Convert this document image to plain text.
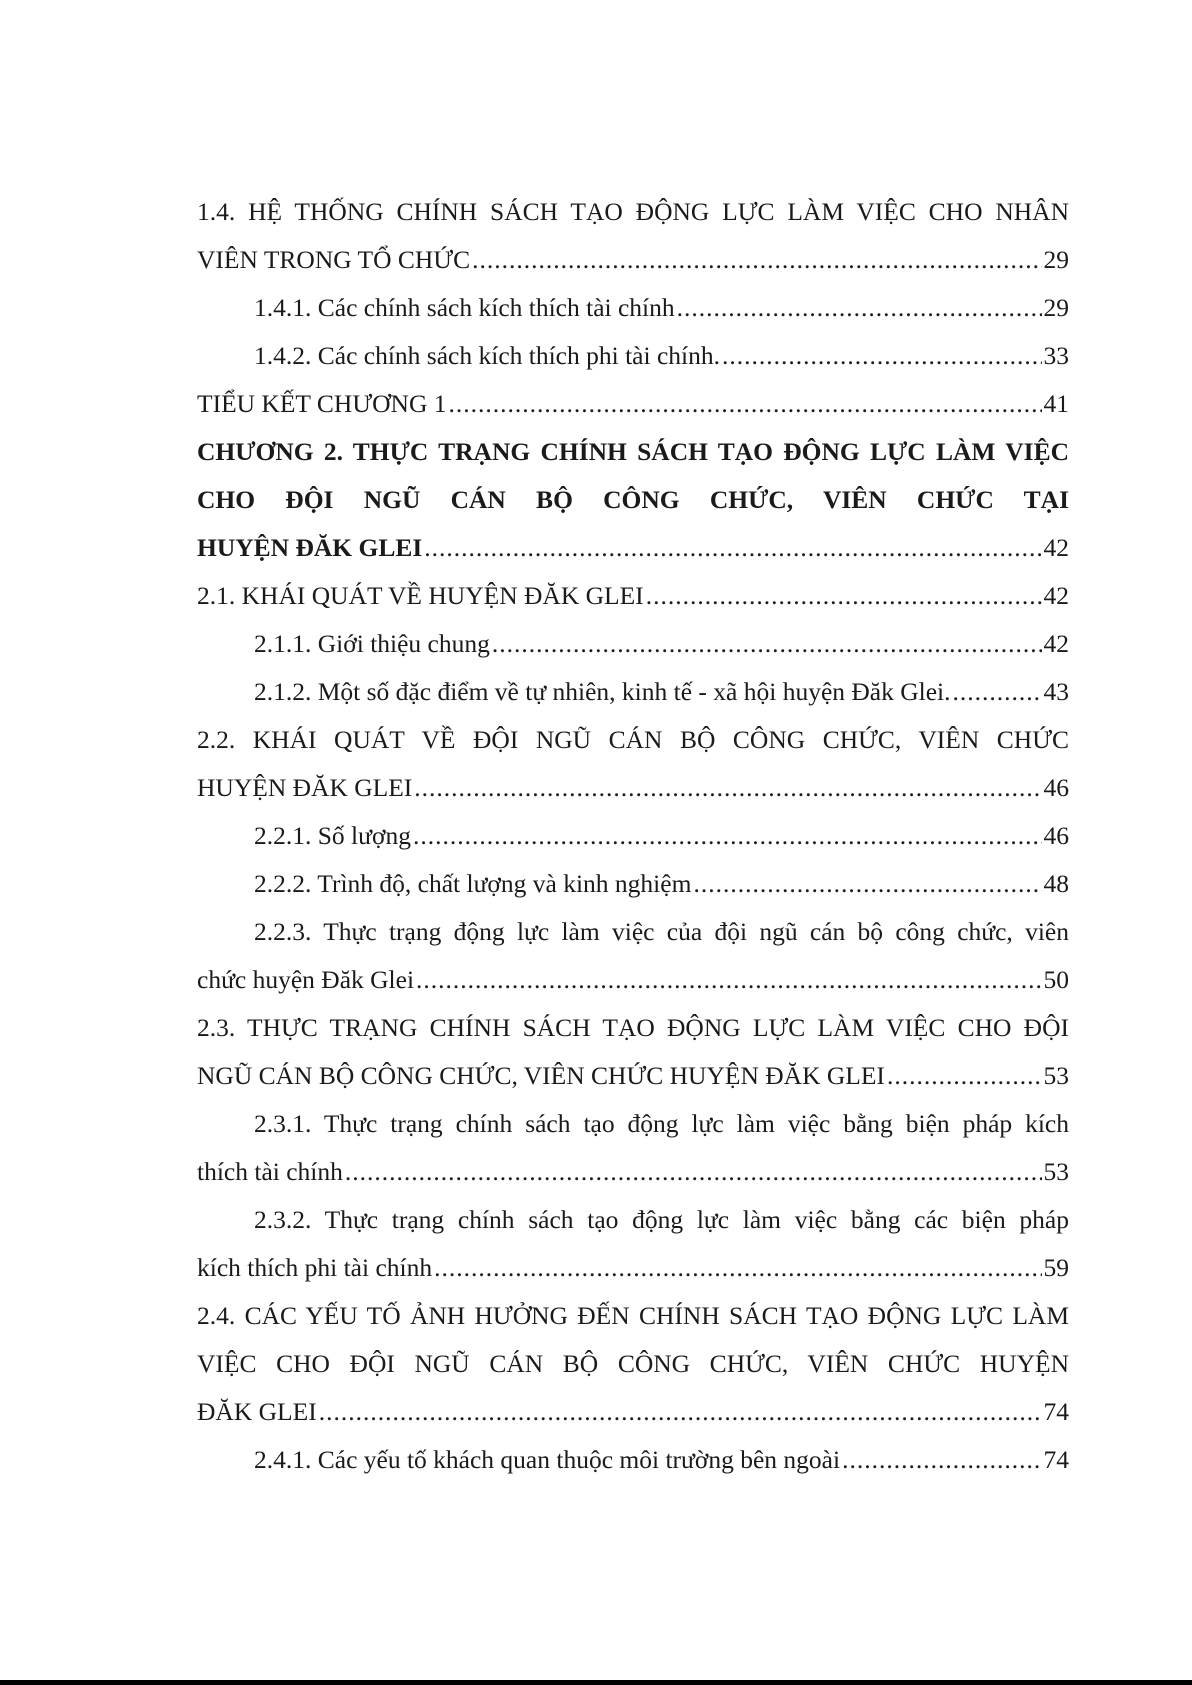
1.4. HỆ THỐNG CHÍNH SÁCH TẠO ĐỘNG LỰC LÀM VIỆC CHO NHÂN
VIÊN TRONG TỔ CHỨC .....	29
1.4.1. Các chính sách kích thích tài chính .....	29
1.4.2. Các chính sách kích thích phi tài chính. .....	33
TIỂU KẾT CHƯƠNG 1 .....	41
CHƯƠNG 2. THỰC TRẠNG CHÍNH SÁCH TẠO ĐỘNG LỰC LÀM VIỆC CHO ĐỘI NGŨ CÁN BỘ CÔNG CHỨC, VIÊN CHỨC TẠI
HUYỆN ĐĂK GLEI .....	42
2.1. KHÁI QUÁT VỀ HUYỆN ĐĂK GLEI .....	42
2.1.1. Giới thiệu chung .....	42
2.1.2. Một số đặc điểm về tự nhiên, kinh tế - xã hội huyện Đăk Glei. .....	43
2.2. KHÁI QUÁT VỀ ĐỘI NGŨ CÁN BỘ CÔNG CHỨC, VIÊN CHỨC
HUYỆN ĐĂK GLEI .....	46
2.2.1. Số lượng .....	46
2.2.2. Trình độ, chất lượng và kinh nghiệm .....	48
2.2.3. Thực trạng động lực làm việc của đội ngũ cán bộ công chức, viên
chức huyện Đăk Glei .....	50
2.3. THỰC TRẠNG CHÍNH SÁCH TẠO ĐỘNG LỰC LÀM VIỆC CHO ĐỘI
NGŨ CÁN BỘ CÔNG CHỨC, VIÊN CHỨC HUYỆN ĐĂK GLEI .....	53
2.3.1. Thực trạng chính sách tạo động lực làm việc bằng biện pháp kích
thích tài chính .....	53
2.3.2. Thực trạng chính sách tạo động lực làm việc bằng các biện pháp
kích thích phi tài chính .....	59
2.4. CÁC YẾU TỐ ẢNH HƯỞNG ĐẾN CHÍNH SÁCH TẠO ĐỘNG LỰC LÀM VIỆC CHO ĐỘI NGŨ CÁN BỘ CÔNG CHỨC, VIÊN CHỨC HUYỆN
ĐĂK GLEI .....	74
2.4.1. Các yếu tố khách quan thuộc môi trường bên ngoài .....	74
